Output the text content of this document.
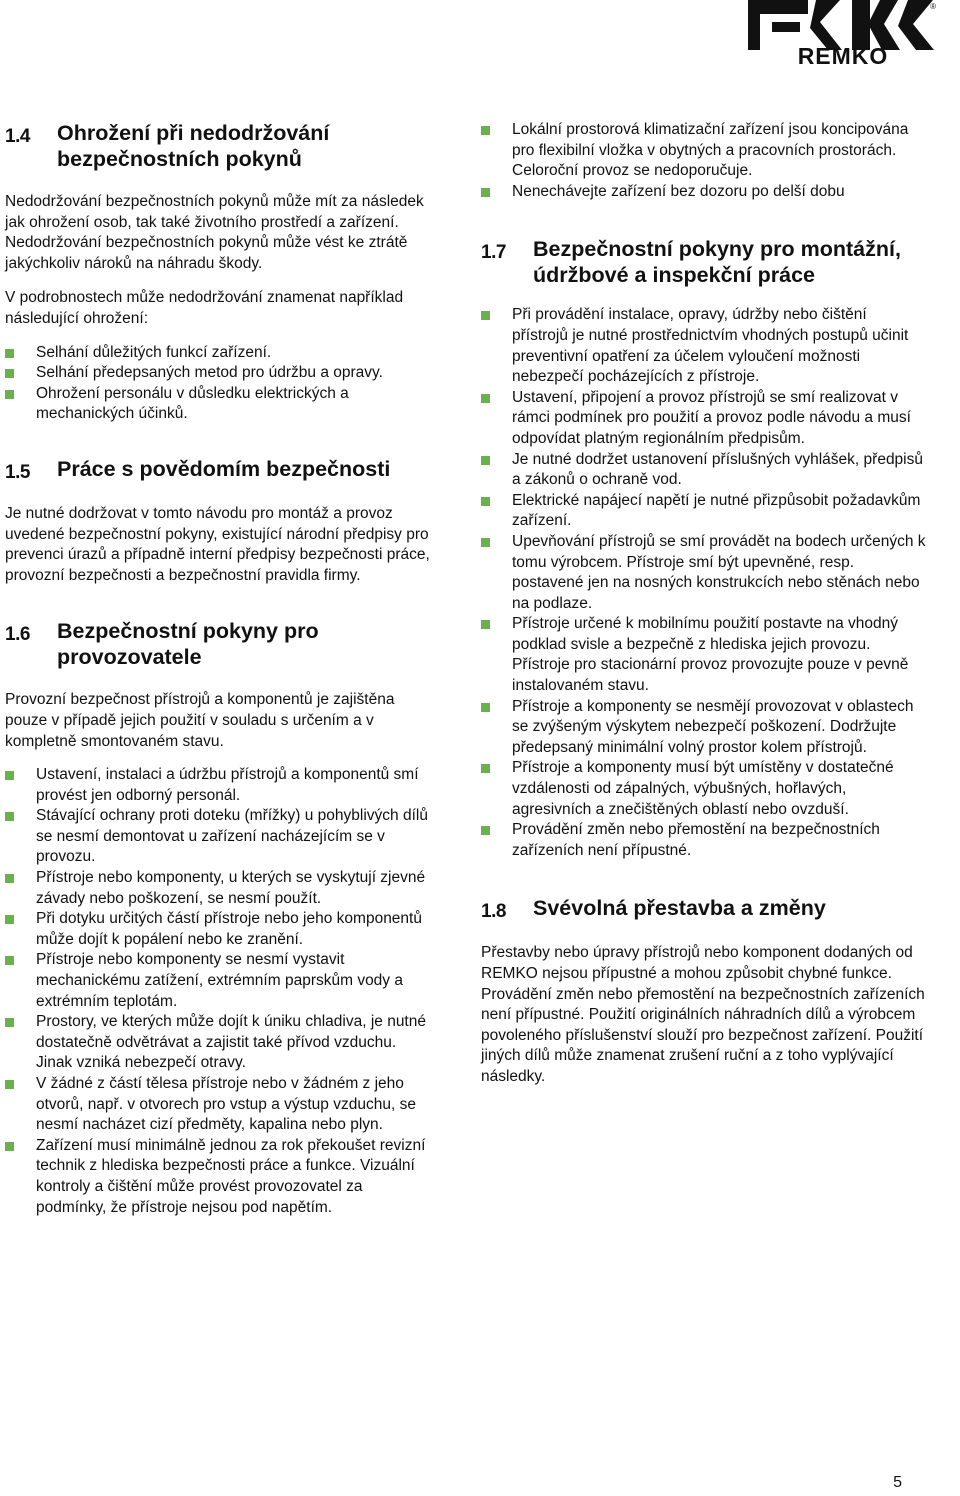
®
REMKO
1.4	Ohrožení při nedodržování bezpečnostních pokynů

Nedodržování bezpečnostních pokynů může mít za následek jak ohrožení osob, tak také životního prostředí a zařízení. Nedodržování bezpečnostních pokynů může vést ke ztrátě jakýchkoliv nároků na náhradu škody.

V podrobnostech může nedodržování znamenat například následující ohrožení:

Selhání důležitých funkcí zařízení.
Selhání předepsaných metod pro údržbu a opravy.
Ohrožení personálu v důsledku elektrických a mechanických účinků.
1.5	Práce s povědomím bezpečnosti

Je nutné dodržovat v tomto návodu pro montáž a provoz uvedené bezpečnostní pokyny, existující národní předpisy pro prevenci úrazů a případně interní předpisy bezpečnosti práce, provozní bezpečnosti a bezpečnostní pravidla firmy.

1.6	Bezpečnostní pokyny pro provozovatele

Provozní bezpečnost přístrojů a komponentů je zajištěna pouze v případě jejich použití v souladu s určením a v kompletně smontovaném stavu.

Ustavení, instalaci a údržbu přístrojů a komponentů smí provést jen odborný personál.
Stávající ochrany proti doteku (mřížky) u pohyblivých dílů se nesmí demontovat u zařízení nacházejícím se v provozu.
Přístroje nebo komponenty, u kterých se vyskytují zjevné závady nebo poškození, se nesmí použít.
Při dotyku určitých částí přístroje nebo jeho komponentů může dojít k popálení nebo ke zranění.
Přístroje nebo komponenty se nesmí vystavit mechanickému zatížení, extrémním paprskům vody a extrémním teplotám.
Prostory, ve kterých může dojít k úniku chladiva, je nutné dostatečně odvětrávat a zajistit také přívod vzduchu. Jinak vzniká nebezpečí otravy.
V žádné z částí tělesa přístroje nebo v žádném z jeho otvorů, např. v otvorech pro vstup a výstup vzduchu, se nesmí nacházet cizí předměty, kapalina nebo plyn.
Zařízení musí minimálně jednou za rok překoušet revizní technik z hlediska bezpečnosti práce a funkce. Vizuální kontroly a čištění může provést provozovatel za podmínky, že přístroje nejsou pod napětím.
Lokální prostorová klimatizační zařízení jsou koncipována pro flexibilní vložka v obytných a pracovních prostorách. Celoroční provoz se nedoporučuje.
Nenechávejte zařízení bez dozoru po delší dobu
1.7	Bezpečnostní pokyny pro montážní, údržbové a inspekční práce
Při provádění instalace, opravy, údržby nebo čištění přístrojů je nutné prostřednictvím vhodných postupů učinit preventivní opatření za účelem vyloučení možnosti nebezpečí pocházejících z přístroje.
Ustavení, připojení a provoz přístrojů se smí realizovat v rámci podmínek pro použití a provoz podle návodu a musí odpovídat platným regionálním předpisům.
Je nutné dodržet ustanovení příslušných vyhlášek, předpisů a zákonů o ochraně vod.
Elektrické napájecí napětí je nutné přizpůsobit požadavkům zařízení.
Upevňování přístrojů se smí provádět na bodech určených k tomu výrobcem. Přístroje smí být upevněné, resp. postavené jen na nosných konstrukcích nebo stěnách nebo na podlaze.
Přístroje určené k mobilnímu použití postavte na vhodný podklad svisle a bezpečně z hlediska jejich provozu. Přístroje pro stacionární provoz provozujte pouze v pevně instalovaném stavu.
Přístroje a komponenty se nesmějí provozovat v oblastech se zvýšeným výskytem nebezpečí poškození. Dodržujte předepsaný minimální volný prostor kolem přístrojů.
Přístroje a komponenty musí být umístěny v dostatečné vzdálenosti od zápalných, výbušných, hořlavých, agresivních a znečištěných oblastí nebo ovzduší.
Provádění změn nebo přemostění na bezpečnostních zařízeních není přípustné.
1.8	Svévolná přestavba a změny

Přestavby nebo úpravy přístrojů nebo komponent dodaných od REMKO nejsou přípustné a mohou způsobit chybné funkce. Provádění změn nebo přemostění na bezpečnostních zařízeních není přípustné. Použití originálních náhradních dílů a výrobcem povoleného příslušenství slouží pro bezpečnost zařízení. Použití jiných dílů může znamenat zrušení ruční a z toho vyplývající následky.

5
